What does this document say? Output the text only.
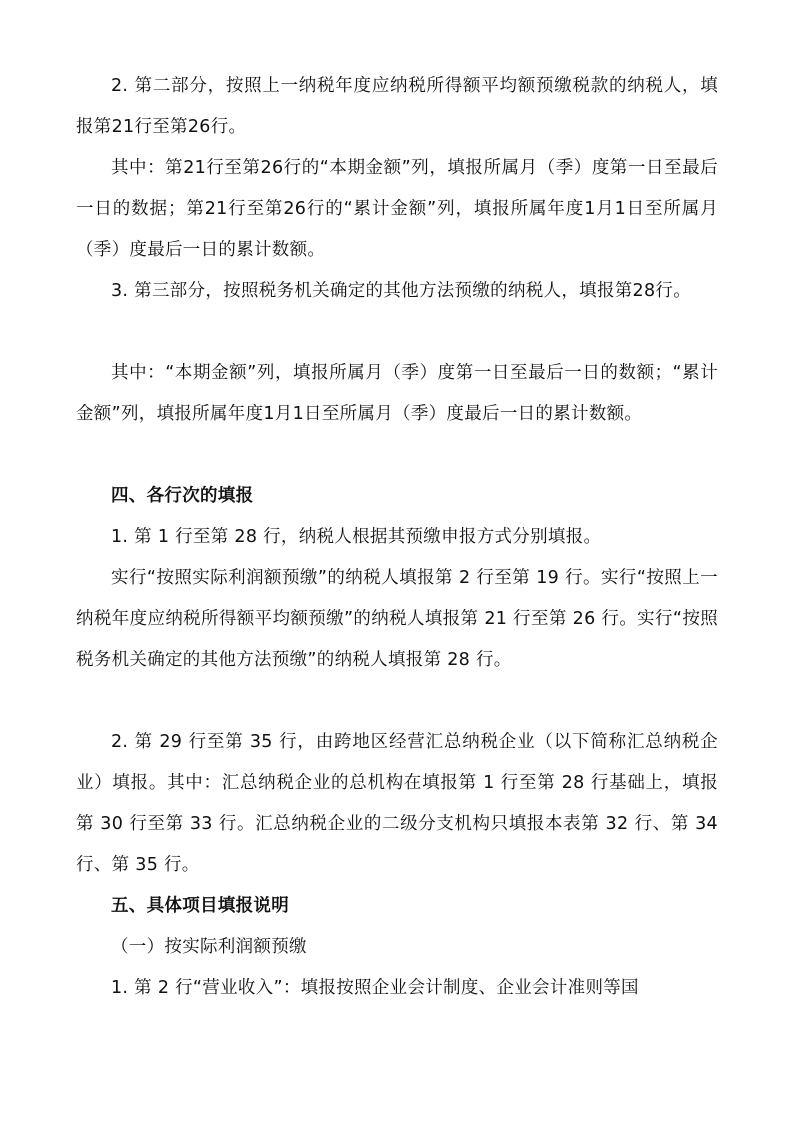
2. 第二部分，按照上一纳税年度应纳税所得额平均额预缴税款的纳税人，填报第21行至第26行。

其中：第21行至第26行的“本期金额”列，填报所属月（季）度第一日至最后一日的数据；第21行至第26行的“累计金额”列，填报所属年度1月1日至所属月（季）度最后一日的累计数额。

3. 第三部分，按照税务机关确定的其他方法预缴的纳税人，填报第28行。

其中：“本期金额”列，填报所属月（季）度第一日至最后一日的数额；“累计金额”列，填报所属年度1月1日至所属月（季）度最后一日的累计数额。

四、各行次的填报

1. 第 1 行至第 28 行，纳税人根据其预缴申报方式分别填报。

实行“按照实际利润额预缴”的纳税人填报第 2 行至第 19 行。实行“按照上一纳税年度应纳税所得额平均额预缴”的纳税人填报第 21 行至第 26 行。实行“按照税务机关确定的其他方法预缴”的纳税人填报第 28 行。

2. 第 29 行至第 35 行，由跨地区经营汇总纳税企业（以下简称汇总纳税企业）填报。其中：汇总纳税企业的总机构在填报第 1 行至第 28 行基础上，填报第 30 行至第 33 行。汇总纳税企业的二级分支机构只填报本表第 32 行、第 34 行、第 35 行。

五、具体项目填报说明

（一）按实际利润额预缴

1. 第 2 行“营业收入”：填报按照企业会计制度、企业会计准则等国
